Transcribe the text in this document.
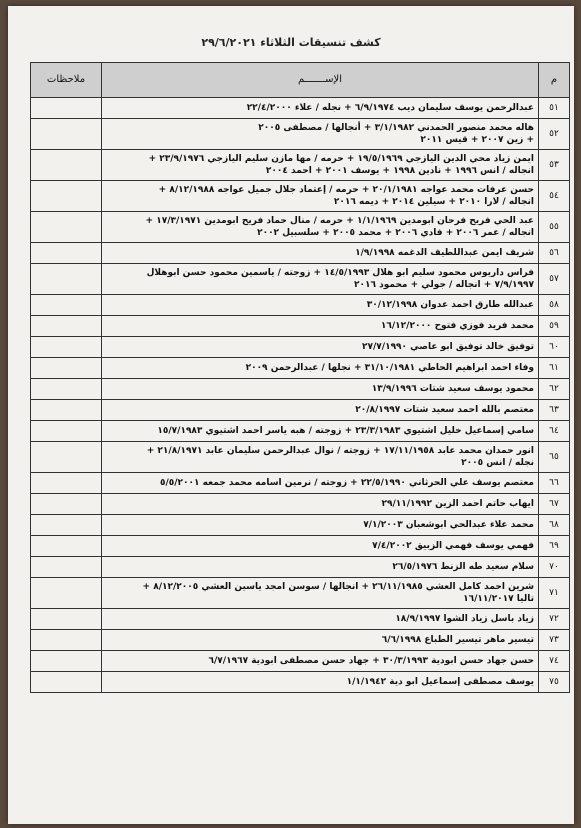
كشف تنسيقات الثلاثاء ٢٩/٦/٢٠٢١
م	الإســـــــم	ملاحظات
٥١	عبدالرحمن يوسف سليمان ديب ٦/٩/١٩٧٤ + نجله / علاء ٢٢/٤/٢٠٠٠	
٥٢	هاله محمد منصور الحمدني ٣/١/١٩٨٢ + أنجالها / مصطفى ٢٠٠٥
+ زين ٢٠٠٧ + قيس ٢٠١١	
٥٣	ايمن زياد محي الدين اليازجي ١٩/٥/١٩٦٩ + حرمه / مها مازن سليم اليازجي ٢٣/٩/١٩٧٦ +
انجاله / انس ١٩٩٦ + نادين ١٩٩٨ + يوسف ٢٠٠١ + احمد ٢٠٠٤	
٥٤	حسن عرفات محمد عواجه ٢٠/١/١٩٨١ + حرمه / إعتماد جلال جميل عواجه ٨/١٢/١٩٨٨ +
انجاله / لارا ٢٠١٠ + سيلين ٢٠١٤ + ديمه ٢٠١٦	
٥٥	عبد الحي فريح فرحان ابومدين ١/١/١٩٦٩ + حرمه / منال حماد فريح ابومدين ١٧/٣/١٩٧١ +
انجاله / عمر ٢٠٠٦ + فادي ٢٠٠٦ + محمد ٢٠٠٥ + سلسبيل ٢٠٠٢	
٥٦	شريف ايمن عبداللطيف الدغمه ١/٩/١٩٩٨	
٥٧	فراس داريوس محمود سليم ابو هلال ١٤/٥/١٩٩٣ + زوجته / ياسمين محمود حسن ابوهلال
٧/٩/١٩٩٧ + انجاله / جولي + محمود ٢٠١٦	
٥٨	عبدالله طارق احمد عدوان ٣٠/١٢/١٩٩٨	
٥٩	محمد فريد فوزي فتوح ١٦/١٢/٢٠٠٠	
٦٠	توفيق خالد توفيق ابو عاصي ٢٧/٧/١٩٩٠	
٦١	وفاء احمد ابراهيم الحاطي ٣١/١٠/١٩٨١ + نجلها / عبدالرحمن ٢٠٠٩	
٦٢	محمود يوسف سعيد شتات ١٣/٩/١٩٩٦	
٦٣	معتصم بالله احمد سعيد شتات ٢٠/٨/١٩٩٧	
٦٤	سامي إسماعيل خليل اشتيوي ٢٣/٣/١٩٨٣ + زوجته / هبه ياسر احمد اشتيوي ١٥/٧/١٩٨٣	
٦٥	انور حمدان محمد عابد ١٧/١١/١٩٥٨ + زوجته / نوال عبدالرحمن سليمان عابد ٢١/٨/١٩٧١ +
نجله / انس ٢٠٠٥	
٦٦	معتصم يوسف علي الحرثاني ٢٢/٥/١٩٩٠ + زوجته / نرمين اسامه محمد جمعه ٥/٥/٢٠٠١	
٦٧	ايهاب حاتم احمد الزين ٢٩/١١/١٩٩٢	
٦٨	محمد علاء عبدالحي ابوشعبان ٧/١/٢٠٠٣	
٦٩	فهمي يوسف فهمي الزبيق ٧/٤/٢٠٠٢	
٧٠	سلام سعيد طه الزنط ٢٦/٥/١٩٧٦	
٧١	شرين احمد كامل العشي ٢٦/١١/١٩٨٥ + انجالها / سوسن امجد ياسين العشي ٨/١٢/٢٠٠٥ +
تاليا ١٦/١١/٢٠١٧	
٧٢	زياد باسل زياد الشوا ١٨/٩/١٩٩٧	
٧٣	تيسير ماهر تيسير الطباع ٦/٦/١٩٩٨	
٧٤	حسن جهاد حسن ابودية ٣٠/٣/١٩٩٣ + جهاد حسن مصطفى ابودية ٦/٧/١٩٦٧	
٧٥	يوسف مصطفى إسماعيل ابو دية ١/١/١٩٤٢	
